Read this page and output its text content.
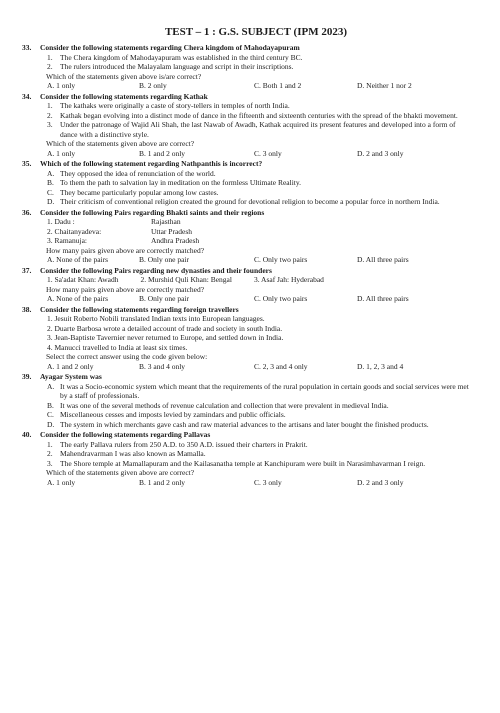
TEST – 1 : G.S. SUBJECT (IPM 2023)
33.	Consider the following statements regarding Chera kingdom of Mahodayapuram
1. The Chera kingdom of Mahodayapuram was established in the third century BC.
2. The rulers introduced the Malayalam language and script in their inscriptions.
Which of the statements given above is/are correct?
A. 1 only	B. 2 only	C. Both 1 and 2	D. Neither 1 nor 2
34.	Consider the following statements regarding Kathak
1. The kathaks were originally a caste of story-tellers in temples of north India.
2. Kathak began evolving into a distinct mode of dance in the fifteenth and sixteenth centuries with the spread of the bhakti movement.
3. Under the patronage of Wajid Ali Shah, the last Nawab of Awadh, Kathak acquired its present features and developed into a form of dance with a distinctive style.
Which of the statements given above are correct?
A. 1 only	B. 1 and 2 only	C. 3 only	D. 2 and 3 only
35.	Which of the following statement regarding Nathpanthis is incorrect?
A. They opposed the idea of renunciation of the world.
B. To them the path to salvation lay in meditation on the formless Ultimate Reality.
C. They became particularly popular among low castes.
D. Their criticism of conventional religion created the ground for devotional religion to become a popular force in northern India.
36.	Consider the following Pairs regarding Bhakti saints and their regions
1. Dadu :	Rajasthan
2. Chaitanyadeva:	Uttar Pradesh
3. Ramanuja:	Andhra Pradesh
How many pairs given above are correctly matched?
A. None of the pairs	B. Only one pair	C. Only two pairs	D. All three pairs
37.	Consider the following Pairs regarding new dynasties and their founders
1. Sa'adat Khan: Awadh	2. Murshid Quli Khan: Bengal	3. Asaf Jah: Hyderabad
How many pairs given above are correctly matched?
A. None of the pairs	B. Only one pair	C. Only two pairs	D. All three pairs
38.	Consider the following statements regarding foreign travellers
1. Jesuit Roberto Nobili translated Indian texts into European languages.
2. Duarte Barbosa wrote a detailed account of trade and society in south India.
3. Jean-Baptiste Tavernier never returned to Europe, and settled down in India.
4. Manucci travelled to India at least six times.
Select the correct answer using the code given below:
A. 1 and 2 only	B. 3 and 4 only	C. 2, 3 and 4 only	D. 1, 2, 3 and 4
39.	Ayagar System was
A. It was a Socio-economic system which meant that the requirements of the rural population in certain goods and social services were met by a staff of professionals.
B. It was one of the several methods of revenue calculation and collection that were prevalent in medieval India.
C. Miscellaneous cesses and imposts levied by zamindars and public officials.
D. The system in which merchants gave cash and raw material advances to the artisans and later bought the finished products.
40.	Consider the following statements regarding Pallavas
1. The early Pallava rulers from 250 A.D. to 350 A.D. issued their charters in Prakrit.
2. Mahendravarman I was also known as Mamalla.
3. The Shore temple at Mamallapuram and the Kailasanatha temple at Kanchipuram were built in Narasimhavarman I reign.
Which of the statements given above are correct?
A. 1 only	B. 1 and 2 only	C. 3 only	D. 2 and 3 only
